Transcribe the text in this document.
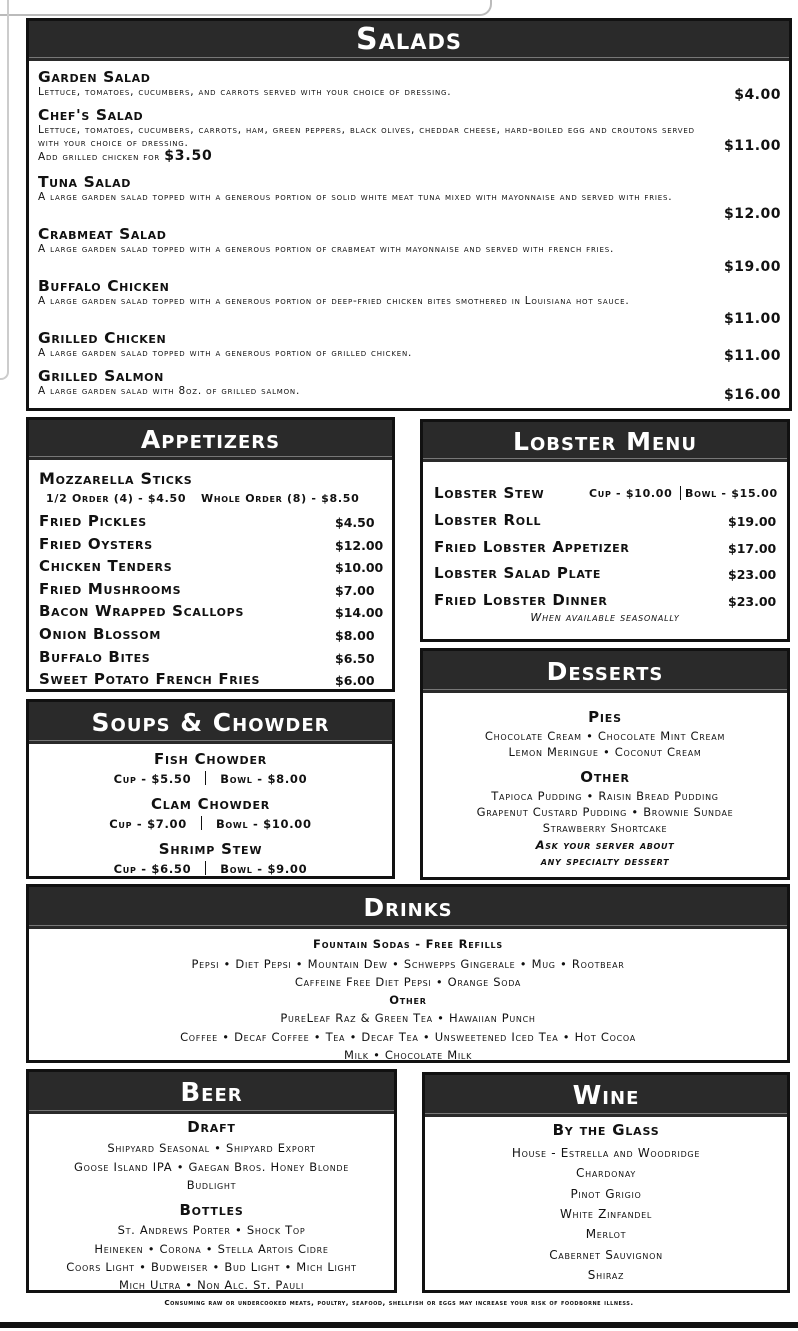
Salads
Garden Salad
Lettuce, tomatoes, cucumbers, and carrots served with your choice of dressing.	$4.00
Chef's Salad
Lettuce, tomatoes, cucumbers, carrots, ham, green peppers, black olives, cheddar cheese, hard-boiled egg and croutons served with your choice of dressing.
Add grilled chicken for $3.50
$11.00
Tuna Salad
A large garden salad topped with a generous portion of solid white meat tuna mixed with mayonnaise and served with fries.
$12.00
Crabmeat Salad
A large garden salad topped with a generous portion of crabmeat with mayonnaise and served with french fries.
$19.00
Buffalo Chicken
A large garden salad topped with a generous portion of deep-fried chicken bites smothered in Louisiana hot sauce.
$11.00
Grilled Chicken
A large garden salad topped with a generous portion of grilled chicken.	$11.00
Grilled Salmon
A large garden salad with 8oz. of grilled salmon.	$16.00
Appetizers
Mozzarella Sticks
1/2 Order (4) - $4.50 Whole Order (8) - $8.50
Fried Pickles	$4.50
Fried Oysters	$12.00
Chicken Tenders	$10.00
Fried Mushrooms	$7.00
Bacon Wrapped Scallops	$14.00
Onion Blossom	$8.00
Buffalo Bites	$6.50
Sweet Potato French Fries	$6.00
Lobster Menu
Lobster Stew	Cup - $10.00 Bowl - $15.00
Lobster Roll	$19.00
Fried Lobster Appetizer	$17.00
Lobster Salad Plate	$23.00
Fried Lobster Dinner	$23.00
When available seasonally
Soups & Chowder
Fish Chowder
Cup - $5.50	Bowl - $8.00
Clam Chowder
Cup - $7.00	Bowl - $10.00
Shrimp Stew
Cup - $6.50	Bowl - $9.00
Desserts
Pies
Chocolate Cream • Chocolate Mint Cream
Lemon Meringue • Coconut Cream
Other
Tapioca Pudding • Raisin Bread Pudding
Grapenut Custard Pudding • Brownie Sundae
Strawberry Shortcake
Ask your server about
any specialty dessert
Drinks
Fountain Sodas - Free Refills
Pepsi • Diet Pepsi • Mountain Dew • Schwepps Gingerale • Mug • Rootbear
Caffeine Free Diet Pepsi • Orange Soda
Other
PureLeaf Raz & Green Tea • Hawaiian Punch
Coffee • Decaf Coffee • Tea • Decaf Tea • Unsweetened Iced Tea • Hot Cocoa
Milk • Chocolate Milk
Beer
Draft
Shipyard Seasonal • Shipyard Export
Goose Island IPA • Gaegan Bros. Honey Blonde
Budlight
Bottles
St. Andrews Porter • Shock Top
Heineken • Corona • Stella Artois Cidre
Coors Light • Budweiser • Bud Light • Mich Light
Mich Ultra • Non Alc. St. Pauli
Wine
By the Glass
House - Estrella and Woodridge
Chardonay
Pinot Grigio
White Zinfandel
Merlot
Cabernet Sauvignon
Shiraz
Consuming raw or undercooked meats, poultry, seafood, shellfish or eggs may increase your risk of foodborne illness.
